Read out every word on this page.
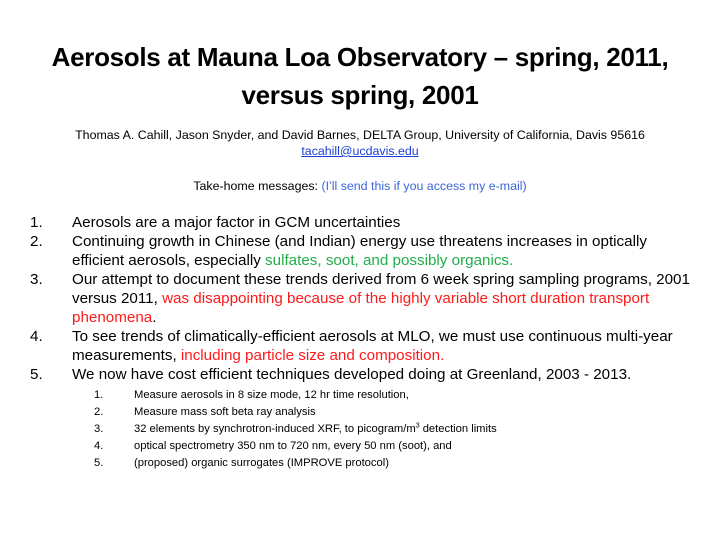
Aerosols at Mauna Loa Observatory – spring, 2011, versus spring, 2001
Thomas A. Cahill, Jason Snyder, and David Barnes, DELTA Group, University of California, Davis 95616
tacahill@ucdavis.edu
Take-home messages: (I’ll send this if you access my e-mail)
1. Aerosols are a major factor in GCM uncertainties
2. Continuing growth in Chinese (and Indian) energy use threatens increases in optically efficient aerosols, especially sulfates, soot, and possibly organics.
3. Our attempt to document these trends derived from 6 week spring sampling programs, 2001 versus 2011, was disappointing because of the highly variable short duration transport phenomena.
4. To see trends of climatically-efficient aerosols at MLO, we must use continuous multi-year measurements, including particle size and composition.
5. We now have cost efficient techniques developed doing at Greenland, 2003 - 2013.
1.	Measure aerosols in 8 size mode, 12 hr time resolution,
2.	Measure mass soft beta ray analysis
3.	32 elements by synchrotron-induced XRF, to picogram/$m^3$ detection limits
4.	optical spectrometry 350 nm to 720 nm, every 50 nm (soot), and
5.	(proposed) organic surrogates (IMPROVE protocol)
